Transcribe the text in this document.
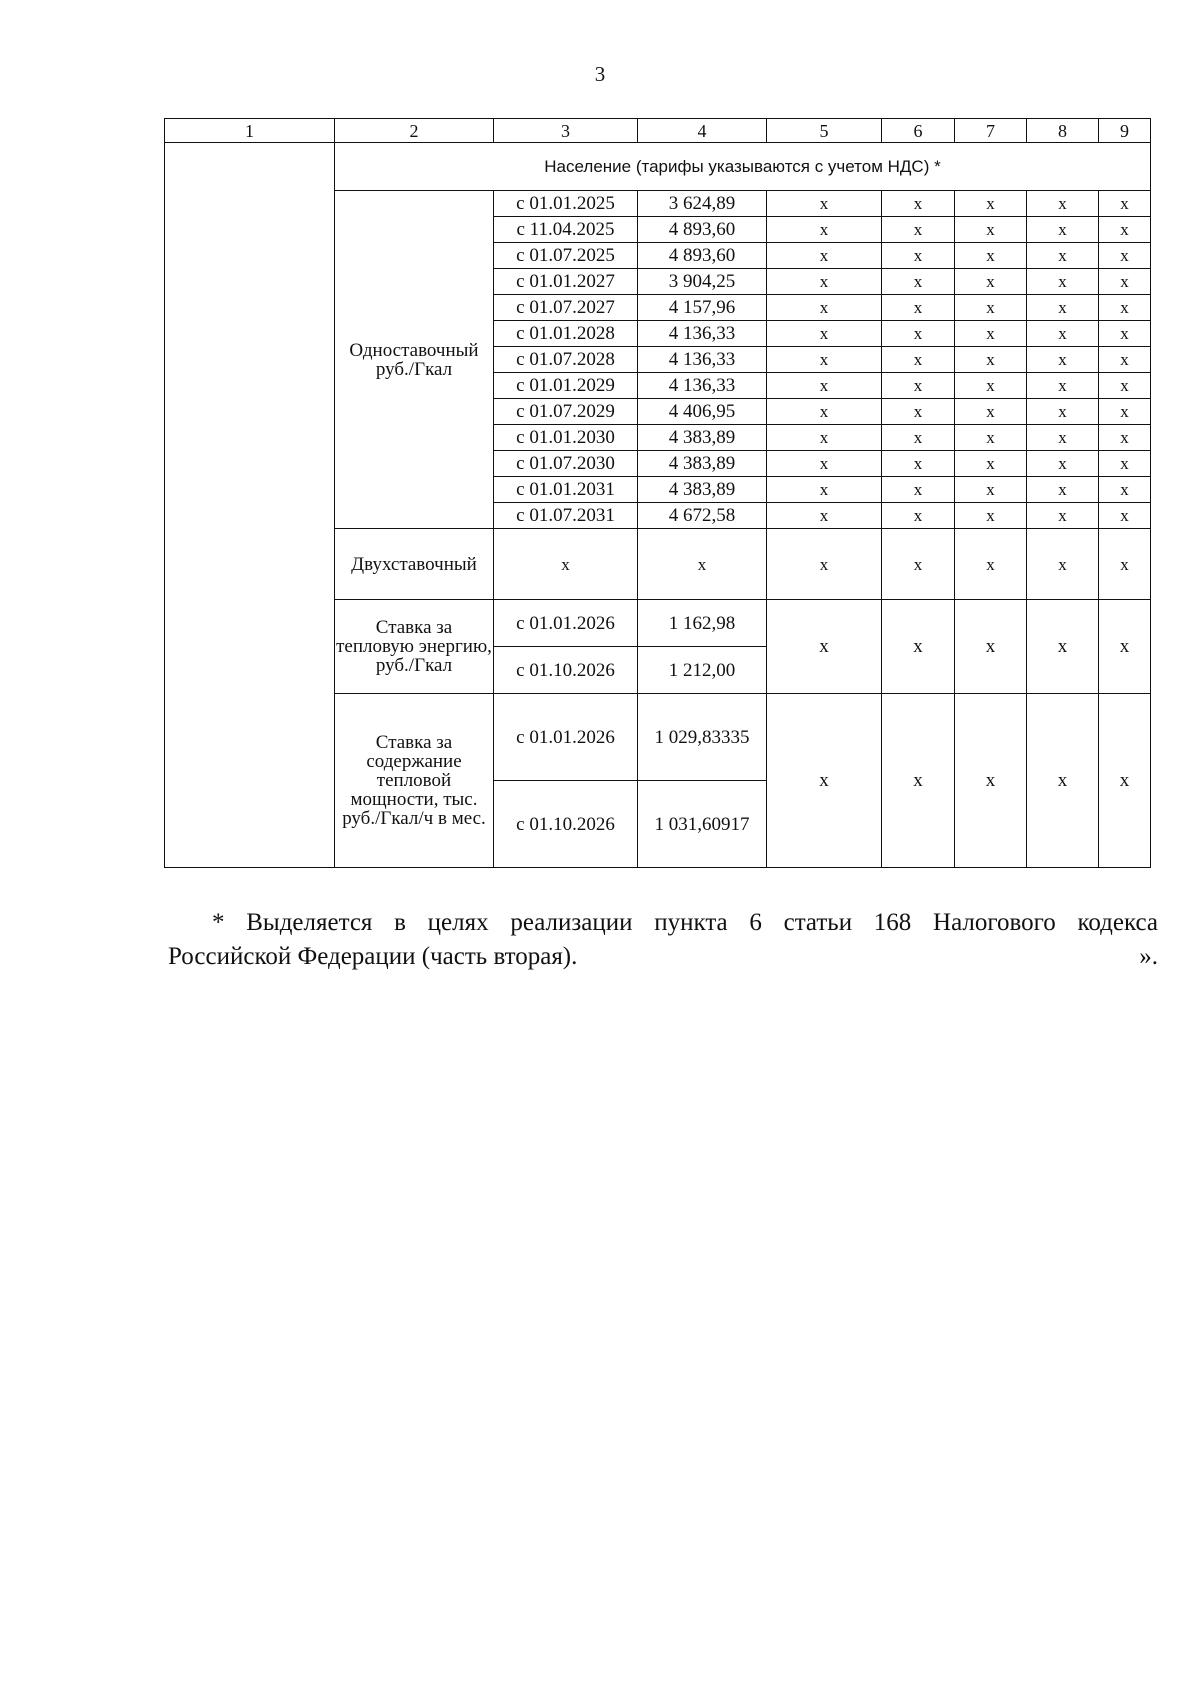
3
1	2	3	4	5	6	7	8	9
	Население (тарифы указываются с учетом НДС) *							
	Одноставочный руб./Гкал	с 01.01.2025	3 624,89	x	x	x	x	x
		с 11.04.2025	4 893,60	x	x	x	x	x
		с 01.07.2025	4 893,60	x	x	x	x	x
		с 01.01.2027	3 904,25	x	x	x	x	x
		с 01.07.2027	4 157,96	x	x	x	x	x
		с 01.01.2028	4 136,33	x	x	x	x	x
		с 01.07.2028	4 136,33	x	x	x	x	x
		с 01.01.2029	4 136,33	x	x	x	x	x
		с 01.07.2029	4 406,95	x	x	x	x	x
		с 01.01.2030	4 383,89	x	x	x	x	x
		с 01.07.2030	4 383,89	x	x	x	x	x
		с 01.01.2031	4 383,89	x	x	x	x	x
		с 01.07.2031	4 672,58	x	x	x	x	x
	Двухставочный	x	x	x	x	x	x	x
	Ставка за тепловую энергию, руб./Гкал	с 01.01.2026	1 162,98	x	x	x	x	x
		с 01.10.2026	1 212,00					
	Ставка за содержание тепловой мощности, тыс. руб./Гкал/ч в мес.	с 01.01.2026	1 029,83335	x	x	x	x	x
		с 01.10.2026	1 031,60917					
* Выделяется в целях реализации пункта 6 статьи 168 Налогового кодекса
Российской Федерации (часть вторая).	».
